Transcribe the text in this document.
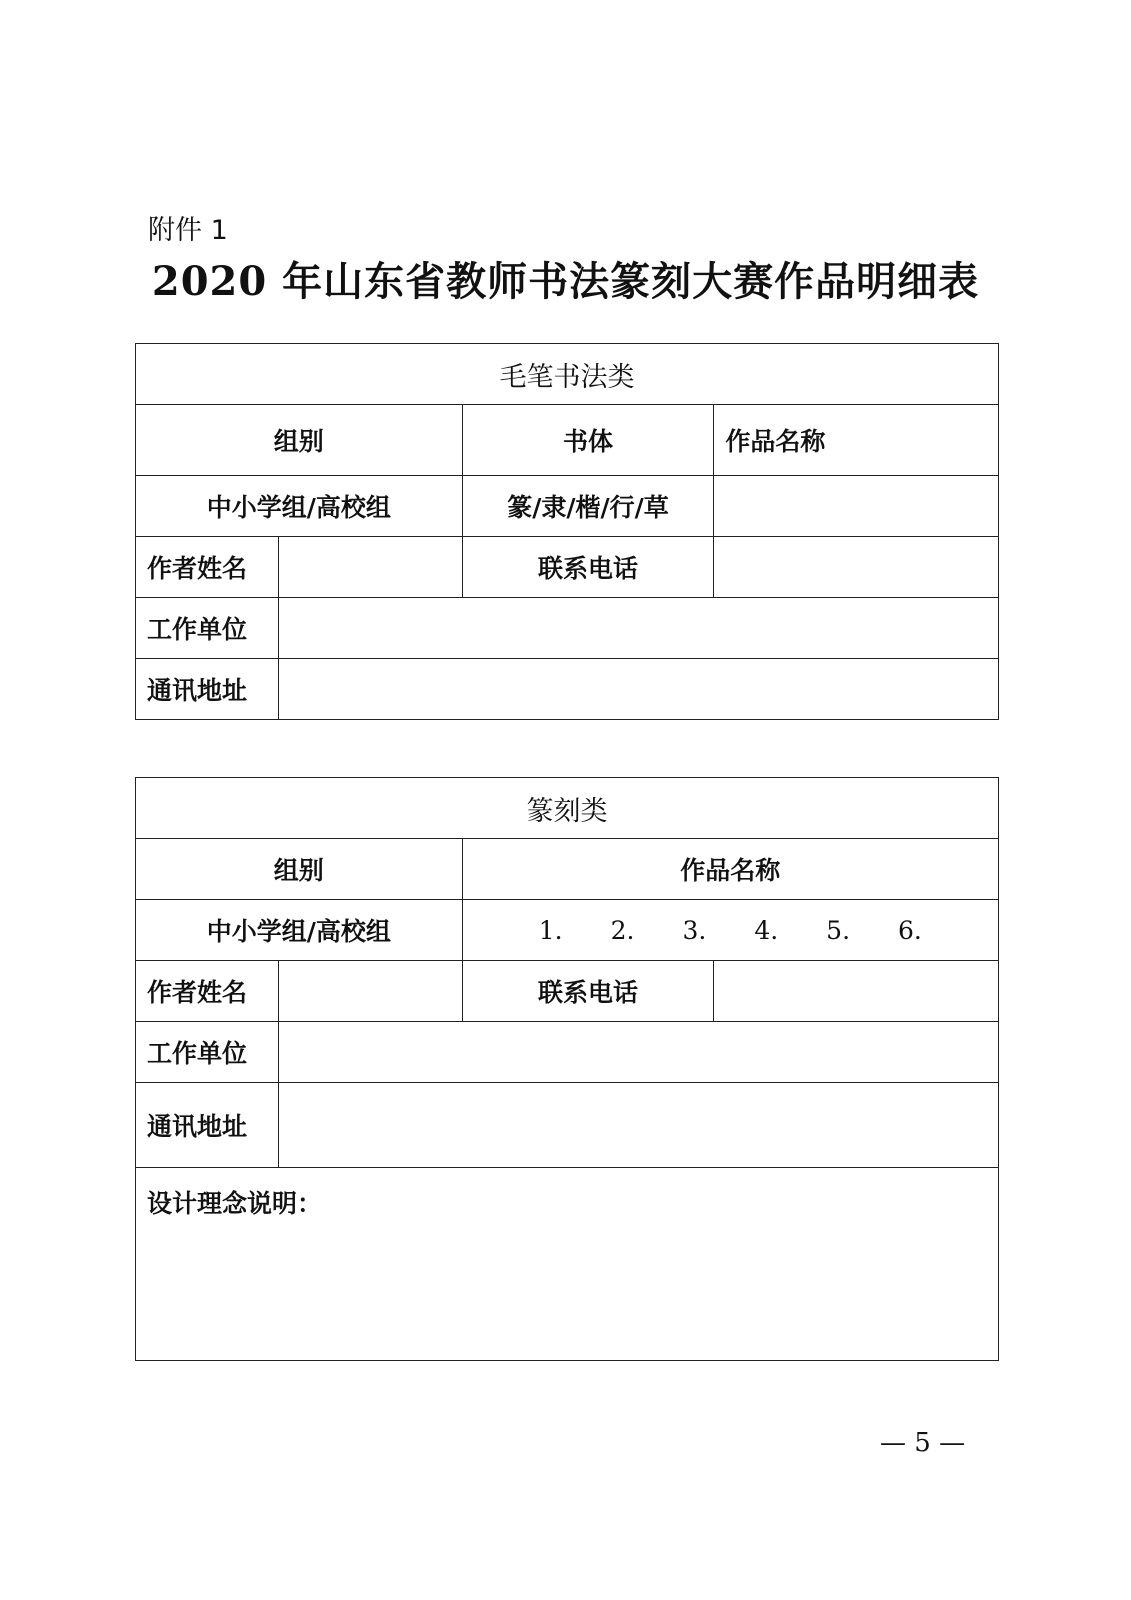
附件 1
2020 年山东省教师书法篆刻大赛作品明细表
毛笔书法类
组别	书体	作品名称
中小学组/高校组	篆/隶/楷/行/草
作者姓名	联系电话
工作单位
通讯地址
篆刻类
组别	作品名称
中小学组/高校组	1. 2. 3. 4. 5. 6.
作者姓名	联系电话
工作单位
通讯地址
设计理念说明：
— 5 —
